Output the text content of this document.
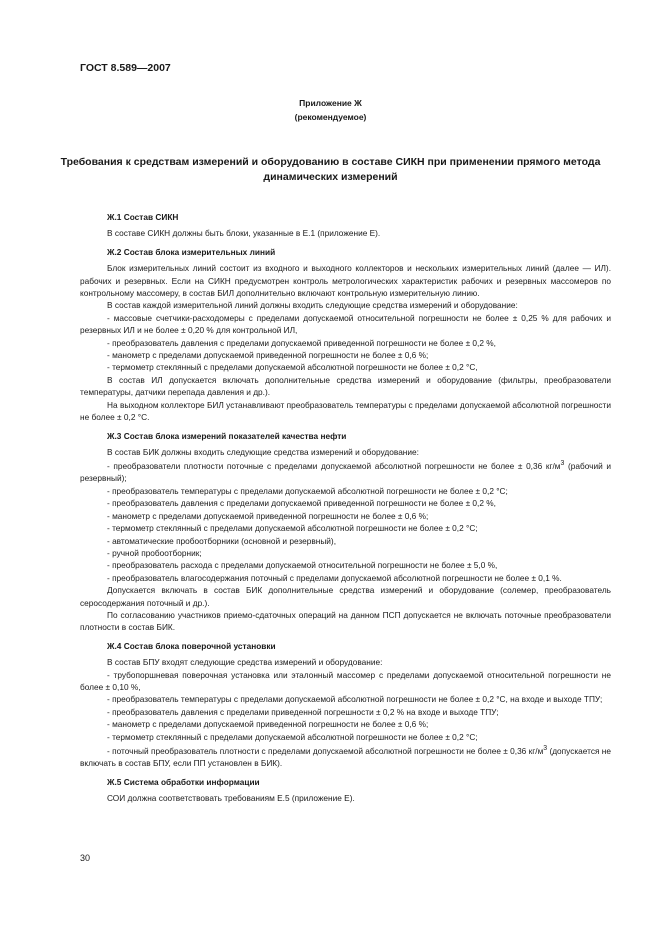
ГОСТ 8.589—2007
Приложение Ж
(рекомендуемое)
Требования к средствам измерений и оборудованию в составе СИКН при применении прямого метода динамических измерений

Ж.1 Состав СИКН

В составе СИКН должны быть блоки, указанные в Е.1 (приложение Е).

Ж.2 Состав блока измерительных линий

Блок измерительных линий состоит из входного и выходного коллекторов и нескольких измерительных линий (далее — ИЛ). рабочих и резервных. Если на СИКН предусмотрен контроль метрологических характеристик рабочих и резервных массомеров по контрольному массомеру, в состав БИЛ дополнительно включают контрольную измерительную линию.

В состав каждой измерительной линий должны входить следующие средства измерений и оборудование:

- массовые счетчики-расходомеры с пределами допускаемой относительной погрешности не более ± 0,25 % для рабочих и резервных ИЛ и не более ± 0,20 % для контрольной ИЛ,

- преобразователь давления с пределами допускаемой приведенной погрешности не более ± 0,2 %,

- манометр с пределами допускаемой приведенной погрешности не более ± 0,6 %;

- термометр стеклянный с пределами допускаемой абсолютной погрешности не более ± 0,2 °С,

В состав ИЛ допускается включать дополнительные средства измерений и оборудование (фильтры, преобразователи температуры, датчики перепада давления и др.).

На выходном коллекторе БИЛ устанавливают преобразователь температуры с пределами допускаемой абсолютной погрешности не более ± 0,2 °С.

Ж.3 Состав блока измерений показателей качества нефти

В состав БИК должны входить следующие средства измерений и оборудование:

- преобразователи плотности поточные с пределами допускаемой абсолютной погрешности не более ± 0,36 $кг/м^3$ (рабочий и резервный);

- преобразователь температуры с пределами допускаемой абсолютной погрешности не более ± 0,2 °С;

- преобразователь давления с пределами допускаемой приведенной погрешности не более ± 0,2 %,

- манометр с пределами допускаемой приведенной погрешности не более ± 0,6 %;

- термометр стеклянный с пределами допускаемой абсолютной погрешности не более ± 0,2 °С;

- автоматические пробоотборники (основной и резервный),

- ручной пробоотборник;

- преобразователь расхода с пределами допускаемой относительной погрешности не более ± 5,0 %,

- преобразователь влагосодержания поточный с пределами допускаемой абсолютной погрешности не более ± 0,1 %.

Допускается включать в состав БИК дополнительные средства измерений и оборудование (солемер, преобразователь серосодержания поточный и др.).

По согласованию участников приемо-сдаточных операций на данном ПСП допускается не включать поточные преобразователи плотности в состав БИК.

Ж.4 Состав блока поверочной установки

В состав БПУ входят следующие средства измерений и оборудование:

- трубопоршневая поверочная установка или эталонный массомер с пределами допускаемой относительной погрешности не более ± 0,10 %,

- преобразователь температуры с пределами допускаемой абсолютной погрешности не более ± 0,2 °С, на входе и выходе ТПУ;

- преобразователь давления с пределами приведенной погрешности ± 0,2 % на входе и выходе ТПУ;

- манометр с пределами допускаемой приведенной погрешности не более ± 0,6 %;

- термометр стеклянный с пределами допускаемой абсолютной погрешности не более ± 0,2 °С;

- поточный преобразователь плотности с пределами допускаемой абсолютной погрешности не более ± 0,36 $кг/м^3$ (допускается не включать в состав БПУ, если ПП установлен в БИК).

Ж.5 Система обработки информации

СОИ должна соответствовать требованиям Е.5 (приложение Е).

30
